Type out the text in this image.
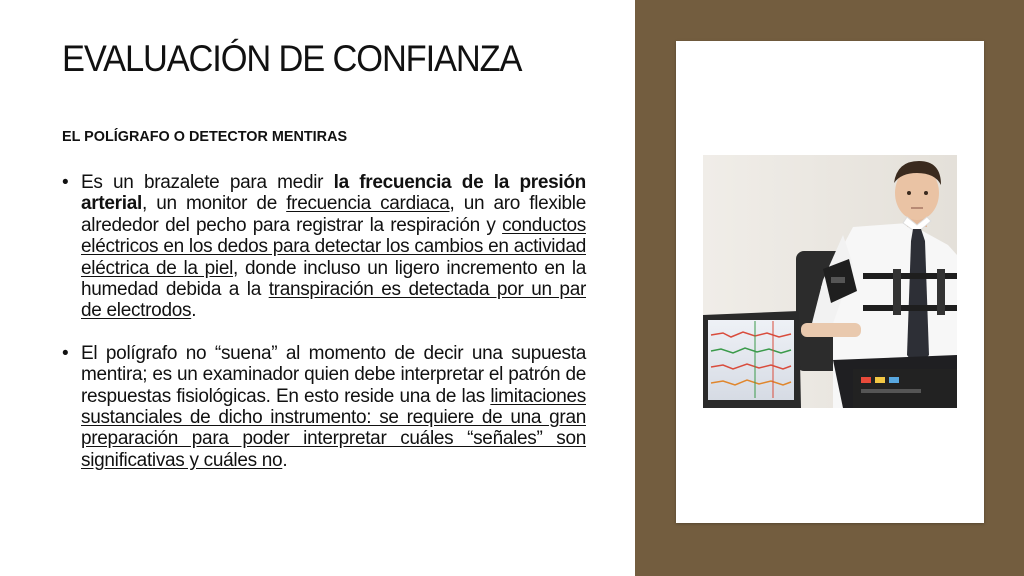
EVALUACIÓN DE CONFIANZA
EL POLÍGRAFO O DETECTOR MENTIRAS
• Es un brazalete para medir la frecuencia de la presión arterial, un monitor de frecuencia cardiaca, un aro flexible alrededor del pecho para registrar la respiración y conductos eléctricos en los dedos para detectar los cambios en actividad eléctrica de la piel, donde incluso un ligero incremento en la humedad debida a la transpiración es detectada por un par de electrodos.
• El polígrafo no “suena” al momento de decir una supuesta mentira; es un examinador quien debe interpretar el patrón de respuestas fisiológicas. En esto reside una de las limitaciones sustanciales de dicho instrumento: se requiere de una gran preparación para poder interpretar cuáles “señales” son significativas y cuáles no.
